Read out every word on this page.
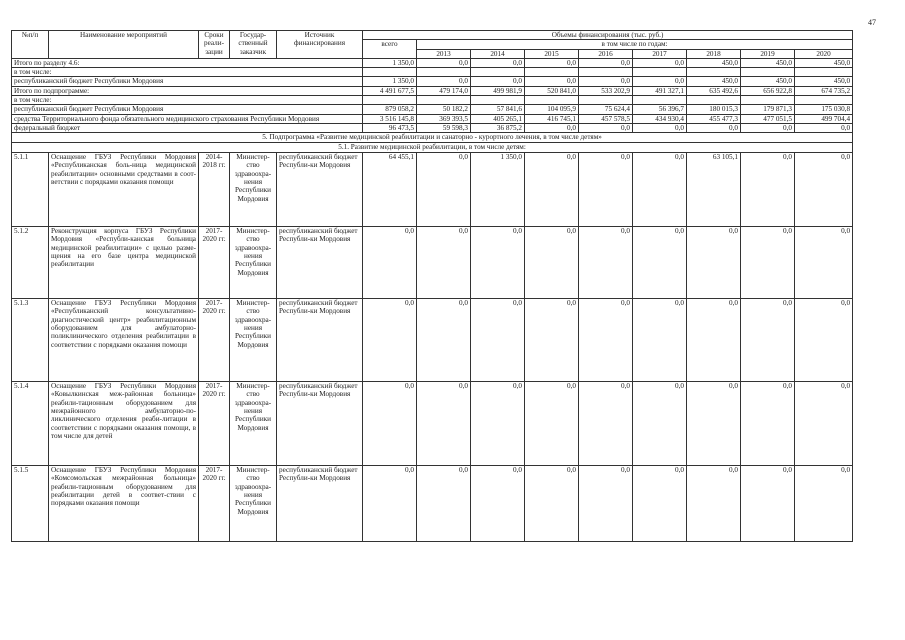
47
№п/п	Наименование мероприятий	Сроки реали-зации	Государ-ственный заказчик	Источник финансирования	Объемы финансирования (тыс. руб.)								
					всего	в том числе по годам:							
						2013	2014	2015	2016	2017	2018	2019	2020
Итого по разделу 4.6:					1 350,0	0,0	0,0	0,0	0,0	0,0	450,0	450,0	450,0
в том числе:													
республиканский бюджет Республики Мордовия					1 350,0	0,0	0,0	0,0	0,0	0,0	450,0	450,0	450,0
Итого по подпрограмме:					4 491 677,5	479 174,0	499 981,9	520 841,0	533 202,9	491 327,1	635 492,6	656 922,8	674 735,2
в том числе:													
республиканский бюджет Республики Мордовия					879 058,2	50 182,2	57 841,6	104 095,9	75 624,4	56 396,7	180 015,3	179 871,3	175 030,8
средства Территориального фонда обязательного медицинского страхования Республики Мордовия					3 516 145,8	369 393,5	405 265,1	416 745,1	457 578,5	434 930,4	455 477,3	477 051,5	499 704,4
федеральный бюджет					96 473,5	59 598,3	36 875,2	0,0	0,0	0,0	0,0	0,0	0,0
5. Подпрограмма «Развитие медицинской реабилитации и санаторно - курортного лечения, в том числе детям»													
5.1. Развитие медицинской реабилитации, в том числе детям:													
5.1.1	Оснащение ГБУЗ Республики Мордовия «Республиканская боль-ница медицинской реабилитации» основными средствами в соот-ветствии с порядками оказания помощи	2014-2018 гг.	Министер-ство здравоохра-нения Республики Мордовия	республиканский бюджет Республи-ки Мордовия	64 455,1	0,0	1 350,0	0,0	0,0	0,0	63 105,1	0,0	0,0
5.1.2	Реконструкция корпуса ГБУЗ Республики Мордовия «Республи-канская больница медицинской реабилитации» с целью разме-щения на его базе центра медицинской реабилитации	2017-2020 гг.	Министер-ство здравоохра-нения Республики Мордовия	республиканский бюджет Республи-ки Мордовия	0,0	0,0	0,0	0,0	0,0	0,0	0,0	0,0	0,0
5.1.3	Оснащение ГБУЗ Республики Мордовия «Республиканский консультативно-диагностический центр» реабилитационным оборудованием для амбулаторно-поликлинического отделения реабилитации в соответствии с порядками оказания помощи	2017-2020 гг.	Министер-ство здравоохра-нения Республики Мордовия	республиканский бюджет Республи-ки Мордовия	0,0	0,0	0,0	0,0	0,0	0,0	0,0	0,0	0,0
5.1.4	Оснащение ГБУЗ Республики Мордовия «Ковылкинская меж-районная больница» реабили-тационным оборудованием для межрайонного амбулаторно-по-ликлинического отделения реаби-литации в соответствии с порядками оказания помощи, в том числе для детей	2017-2020 гг.	Министер-ство здравоохра-нения Республики Мордовия	республиканский бюджет Республи-ки Мордовия	0,0	0,0	0,0	0,0	0,0	0,0	0,0	0,0	0,0
5.1.5	Оснащение ГБУЗ Республики Мордовия «Комсомольская межрайонная больница» реабили-тационным оборудованием для реабилитации детей в соответ-ствии с порядками оказания помощи	2017-2020 гг.	Министер-ство здравоохра-нения Республики Мордовия	республиканский бюджет Республи-ки Мордовия	0,0	0,0	0,0	0,0	0,0	0,0	0,0	0,0	0,0
